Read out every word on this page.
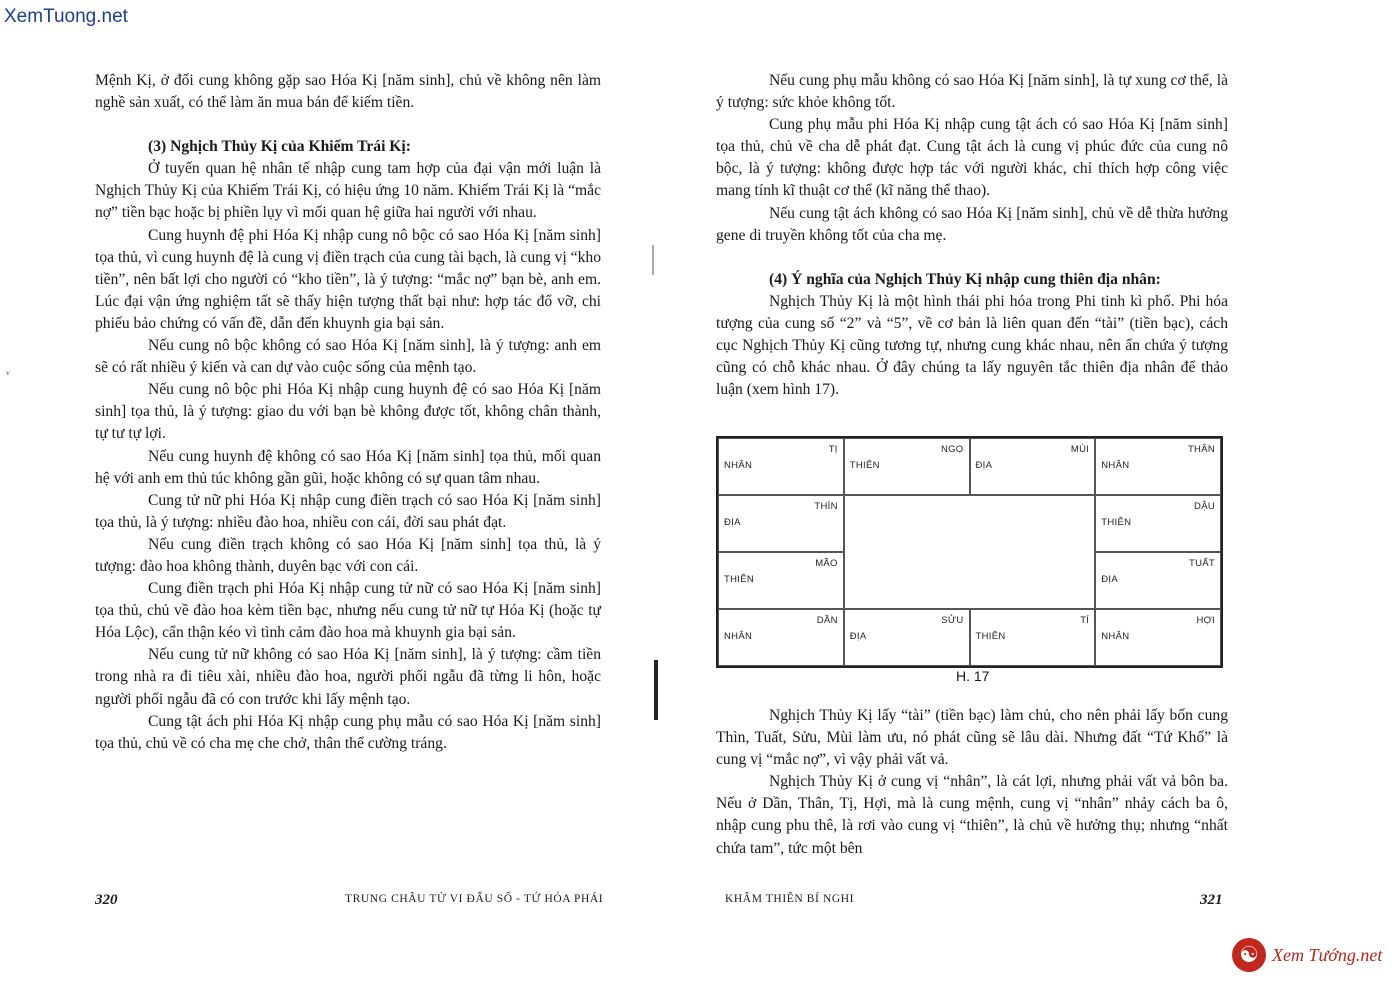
XemTuong.net
ᵥ

Mệnh Kị, ở đối cung không gặp sao Hóa Kị [năm sinh], chủ về không nên làm nghề sản xuất, có thể làm ăn mua bán để kiếm tiền.

(3) Nghịch Thủy Kị của Khiếm Trái Kị:

Ở tuyến quan hệ nhân tế nhập cung tam hợp của đại vận mới luận là Nghịch Thủy Kị của Khiếm Trái Kị, có hiệu ứng 10 năm. Khiếm Trái Kị là “mắc nợ” tiền bạc hoặc bị phiền lụy vì mối quan hệ giữa hai người với nhau.

Cung huynh đệ phi Hóa Kị nhập cung nô bộc có sao Hóa Kị [năm sinh] tọa thủ, vì cung huynh đệ là cung vị điền trạch của cung tài bạch, là cung vị “kho tiền”, nên bất lợi cho người có “kho tiền”, là ý tượng: “mắc nợ” bạn bè, anh em. Lúc đại vận ứng nghiệm tất sẽ thấy hiện tượng thất bại như: hợp tác đổ vỡ, chi phiếu bảo chứng có vấn đề, dẫn đến khuynh gia bại sản.

Nếu cung nô bộc không có sao Hóa Kị [năm sinh], là ý tượng: anh em sẽ có rất nhiều ý kiến và can dự vào cuộc sống của mệnh tạo.

Nếu cung nô bộc phi Hóa Kị nhập cung huynh đệ có sao Hóa Kị [năm sinh] tọa thủ, là ý tượng: giao du với bạn bè không được tốt, không chân thành, tự tư tự lợi.

Nếu cung huynh đệ không có sao Hóa Kị [năm sinh] tọa thủ, mối quan hệ với anh em thủ túc không gần gũi, hoặc không có sự quan tâm nhau.

Cung tử nữ phi Hóa Kị nhập cung điền trạch có sao Hóa Kị [năm sinh] tọa thủ, là ý tượng: nhiều đào hoa, nhiều con cái, đời sau phát đạt.

Nếu cung điền trạch không có sao Hóa Kị [năm sinh] tọa thủ, là ý tượng: đào hoa không thành, duyên bạc với con cái.

Cung điền trạch phi Hóa Kị nhập cung tử nữ có sao Hóa Kị [năm sinh] tọa thủ, chủ về đào hoa kèm tiền bạc, nhưng nếu cung tử nữ tự Hóa Kị (hoặc tự Hóa Lộc), cẩn thận kéo vì tình cảm đào hoa mà khuynh gia bại sản.

Nếu cung tử nữ không có sao Hóa Kị [năm sinh], là ý tượng: cầm tiền trong nhà ra đi tiêu xài, nhiều đào hoa, người phối ngẫu đã từng li hôn, hoặc người phối ngẫu đã có con trước khi lấy mệnh tạo.

Cung tật ách phi Hóa Kị nhập cung phụ mẫu có sao Hóa Kị [năm sinh] tọa thủ, chủ về có cha mẹ che chở, thân thể cường tráng.

320	TRUNG CHÂU TỬ VI ĐẨU SỐ - TỨ HÓA PHÁI

Nếu cung phụ mẫu không có sao Hóa Kị [năm sinh], là tự xung cơ thể, là ý tượng: sức khỏe không tốt.

Cung phụ mẫu phi Hóa Kị nhập cung tật ách có sao Hóa Kị [năm sinh] tọa thủ, chủ về cha dễ phát đạt. Cung tật ách là cung vị phúc đức của cung nô bộc, là ý tượng: không được hợp tác với người khác, chỉ thích hợp công việc mang tính kĩ thuật cơ thể (kĩ năng thể thao).

Nếu cung tật ách không có sao Hóa Kị [năm sinh], chủ về dễ thừa hưởng gene di truyền không tốt của cha mẹ.

(4) Ý nghĩa của Nghịch Thủy Kị nhập cung thiên địa nhân:

Nghịch Thủy Kị là một hình thái phi hóa trong Phi tinh kì phổ. Phi hóa tượng của cung số “2” và “5”, về cơ bản là liên quan đến “tài” (tiền bạc), cách cục Nghịch Thủy Kị cũng tương tự, nhưng cung khác nhau, nên ẩn chứa ý tượng cũng có chỗ khác nhau. Ở đây chúng ta lấy nguyên tắc thiên địa nhân để thảo luận (xem hình 17).

TỊ
NHÂN
NGỌ
THIÊN
MÙI
ĐỊA
THÂN
NHÂN
DẬU
THIÊN
TUẤT
ĐỊA
HỢI
NHÂN
TÍ
THIÊN
SỬU
ĐỊA
DẦN
NHÂN
MÃO
THIÊN
THÌN
ĐỊA
H. 17

Nghịch Thủy Kị lấy “tài” (tiền bạc) làm chủ, cho nên phải lấy bốn cung Thìn, Tuất, Sửu, Mùi làm ưu, nó phát cũng sẽ lâu dài. Nhưng đất “Tứ Khố” là cung vị “mắc nợ”, vì vậy phải vất vả.

Nghịch Thủy Kị ở cung vị “nhân”, là cát lợi, nhưng phải vất vả bôn ba. Nếu ở Dần, Thân, Tị, Hợi, mà là cung mệnh, cung vị “nhân” nhảy cách ba ô, nhập cung phu thê, là rơi vào cung vị “thiên”, là chủ về hưởng thụ; nhưng “nhất chứa tam”, tức một bên

KHÂM THIÊN BÍ NGHI	321
☯ Xem Tướng.net
